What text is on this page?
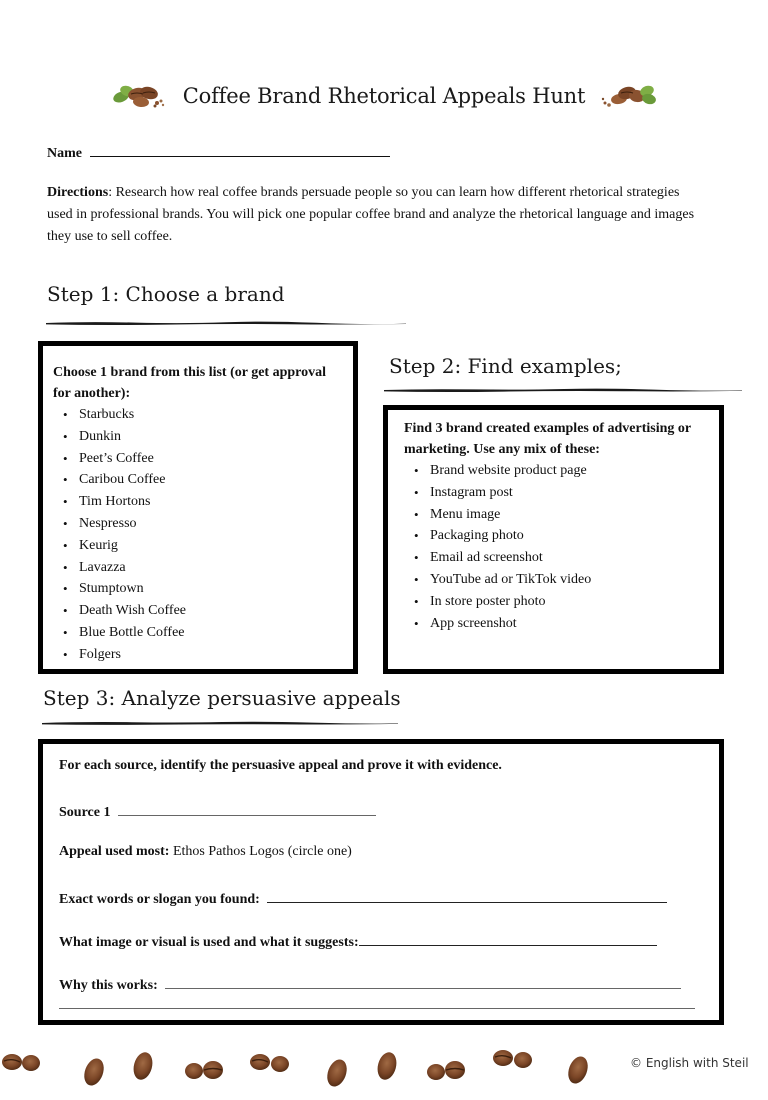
Coffee Brand Rhetorical Appeals Hunt
Name
Directions: Research how real coffee brands persuade people so you can learn how different rhetorical strategies used in professional brands. You will pick one popular coffee brand and analyze the rhetorical language and images they use to sell coffee.
Step 1: Choose a brand
Choose 1 brand from this list (or get approval for another):
• Starbucks
• Dunkin
• Peet’s Coffee
• Caribou Coffee
• Tim Hortons
• Nespresso
• Keurig
• Lavazza
• Stumptown
• Death Wish Coffee
• Blue Bottle Coffee
• Folgers
Step 2: Find examples;
Find 3 brand created examples of advertising or marketing. Use any mix of these:
• Brand website product page
• Instagram post
• Menu image
• Packaging photo
• Email ad screenshot
• YouTube ad or TikTok video
• In store poster photo
• App screenshot
Step 3: Analyze persuasive appeals
For each source, identify the persuasive appeal and prove it with evidence.
Source 1
Appeal used most: Ethos Pathos Logos (circle one)
Exact words or slogan you found:
What image or visual is used and what it suggests:
Why this works:
© English with Steil
